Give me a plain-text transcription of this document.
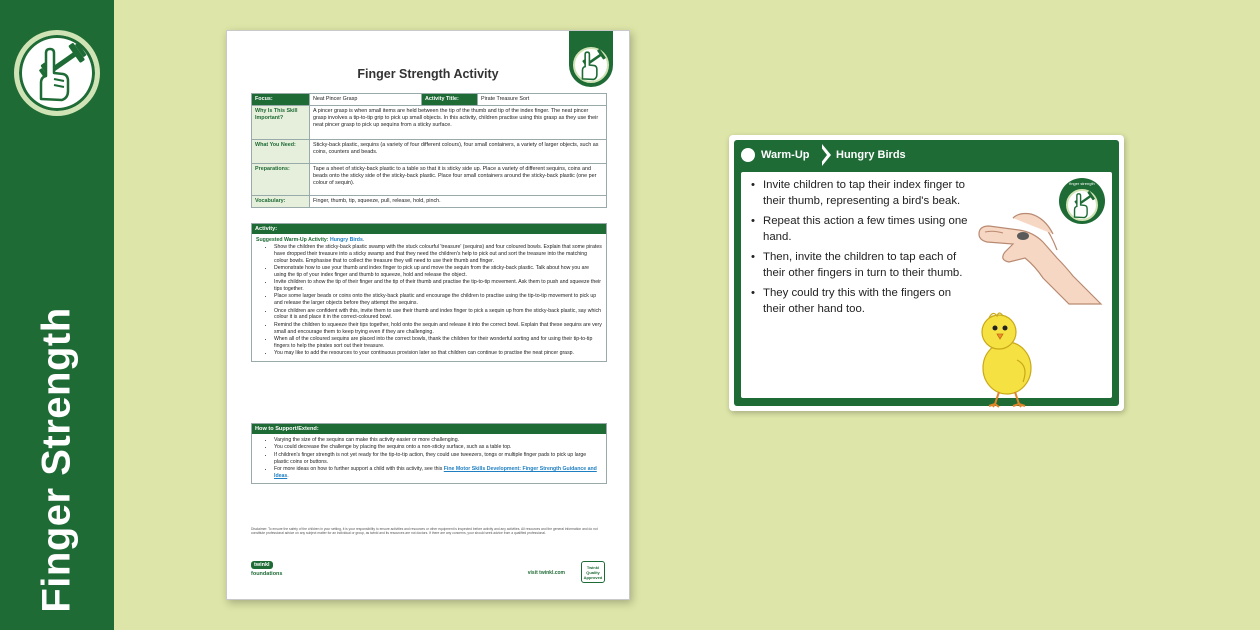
Finger Strength
Finger Strength Activity
Focus:	Neat Pincer Grasp	Activity Title:	Pirate Treasure Sort
Why Is This Skill Important?	A pincer grasp is when small items are held between the tip of the thumb and tip of the index finger. The neat pincer grasp involves a tip-to-tip grip to pick up small objects. In this activity, children practise using this grasp as they use their neat pincer grasp to pick up sequins from a sticky surface.		
What You Need:	Sticky-back plastic, sequins (a variety of four different colours), four small containers, a variety of larger objects, such as coins, counters and beads.		
Preparations:	Tape a sheet of sticky-back plastic to a table so that it is sticky side up. Place a variety of different sequins, coins and beads onto the sticky side of the sticky-back plastic. Place four small containers around the sticky-back plastic (one per colour of sequin).		
Vocabulary:	Finger, thumb, tip, squeeze, pull, release, hold, pinch.		
Activity:
Suggested Warm-Up Activity: Hungry Birds.
• Show the children the sticky-back plastic swamp with the stuck colourful 'treasure' (sequins) and four coloured bowls. Explain that some pirates have dropped their treasure into a sticky swamp and that they need the children's help to pick out and sort the treasure into the matching colour bowls. Emphasise that to collect the treasure they will need to use their thumb and finger.
• Demonstrate how to use your thumb and index finger to pick up and move the sequin from the sticky-back plastic. Talk about how you are using the tip of your index finger and thumb to squeeze, hold and release the object.
• Invite children to show the tip of their finger and the tip of their thumb and practise the tip-to-tip movement. Ask them to push and squeeze their tips together.
• Place some larger beads or coins onto the sticky-back plastic and encourage the children to practise using the tip-to-tip movement to pick up and release the larger objects before they attempt the sequins.
• Once children are confident with this, invite them to use their thumb and index finger to pick a sequin up from the sticky-back plastic, say which colour it is and place it in the correct-coloured bowl.
• Remind the children to squeeze their tips together, hold onto the sequin and release it into the correct bowl. Explain that these sequins are very small and encourage them to keep trying even if they are challenging.
• When all of the coloured sequins are placed into the correct bowls, thank the children for their wonderful sorting and for using their tip-to-tip fingers to help the pirates sort out their treasure.
• You may like to add the resources to your continuous provision later so that children can continue to practise the neat pincer grasp.
How to Support/Extend:
• Varying the size of the sequins can make this activity easier or more challenging.
• You could decrease the challenge by placing the sequins onto a non-sticky surface, such as a table top.
• If children's finger strength is not yet ready for the tip-to-tip action, they could use tweezers, tongs or multiple finger pads to pick up large plastic coins or buttons.
• For more ideas on how to further support a child with this activity, see this Fine Motor Skills Development: Finger Strength Guidance and Ideas.
Disclaimer: To ensure the safety of the children in your setting, it is your responsibility to ensure activities and resources or other equipment is inspected before activity and any activities. All resources and the general information and do not constitute professional advice on any subject matter for an individual or group, as twinkl and its resources are not doctors. If there are any concerns, your should seek advice from a qualified professional.
twinkl
foundations	visit twinkl.com
Twinkl Quality Approved
Warm-Up Hungry Birds
• Invite children to tap their index finger to their thumb, representing a bird's beak.
• Repeat this action a few times using one hand.
• Then, invite the children to tap each of their other fingers in turn to their thumb.
• They could try this with the fingers on their other hand too.
finger strength
